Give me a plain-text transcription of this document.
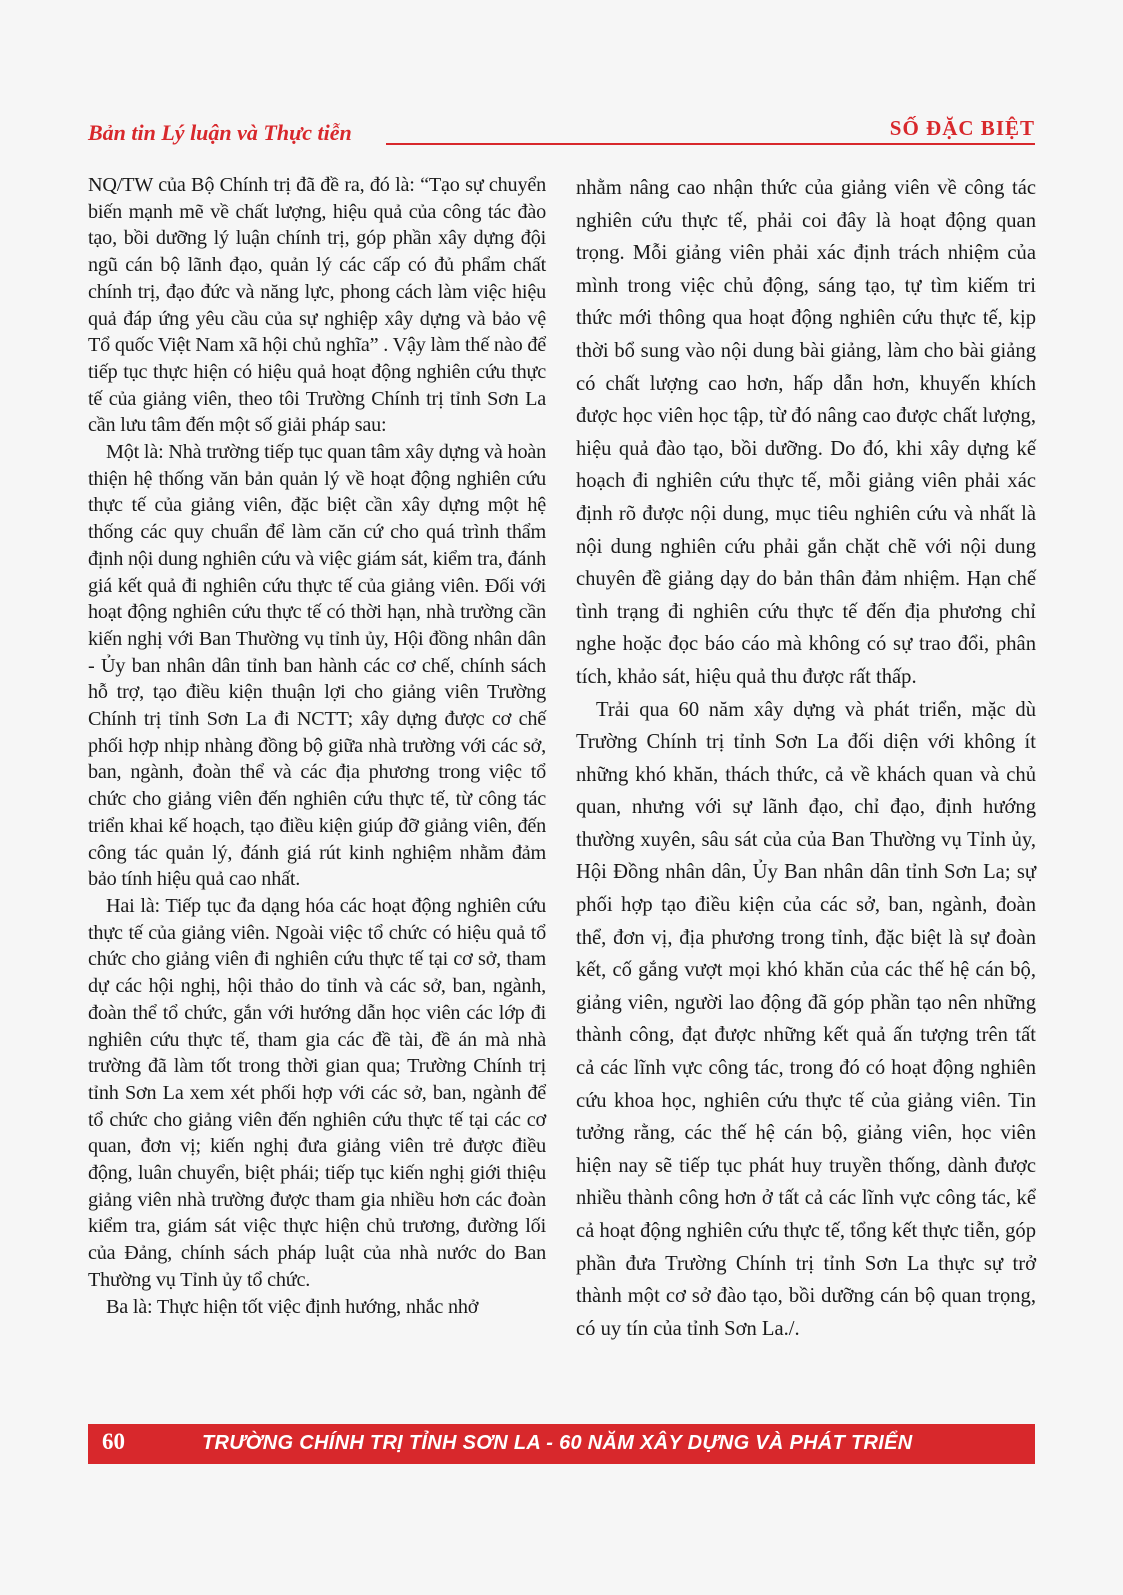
Bản tin Lý luận và Thực tiễn	SỐ ĐẶC BIỆT

NQ/TW của Bộ Chính trị đã đề ra, đó là: “Tạo sự chuyển biến mạnh mẽ về chất lượng, hiệu quả của công tác đào tạo, bồi dưỡng lý luận chính trị, góp phần xây dựng đội ngũ cán bộ lãnh đạo, quản lý các cấp có đủ phẩm chất chính trị, đạo đức và năng lực, phong cách làm việc hiệu quả đáp ứng yêu cầu của sự nghiệp xây dựng và bảo vệ Tổ quốc Việt Nam xã hội chủ nghĩa” . Vậy làm thế nào để tiếp tục thực hiện có hiệu quả hoạt động nghiên cứu thực tế của giảng viên, theo tôi Trường Chính trị tỉnh Sơn La cần lưu tâm đến một số giải pháp sau:

Một là: Nhà trường tiếp tục quan tâm xây dựng và hoàn thiện hệ thống văn bản quản lý về hoạt động nghiên cứu thực tế của giảng viên, đặc biệt cần xây dựng một hệ thống các quy chuẩn để làm căn cứ cho quá trình thẩm định nội dung nghiên cứu và việc giám sát, kiểm tra, đánh giá kết quả đi nghiên cứu thực tế của giảng viên. Đối với hoạt động nghiên cứu thực tế có thời hạn, nhà trường cần kiến nghị với Ban Thường vụ tỉnh ủy, Hội đồng nhân dân - Ủy ban nhân dân tỉnh ban hành các cơ chế, chính sách hỗ trợ, tạo điều kiện thuận lợi cho giảng viên Trường Chính trị tỉnh Sơn La đi NCTT; xây dựng được cơ chế phối hợp nhịp nhàng đồng bộ giữa nhà trường với các sở, ban, ngành, đoàn thể và các địa phương trong việc tổ chức cho giảng viên đến nghiên cứu thực tế, từ công tác triển khai kế hoạch, tạo điều kiện giúp đỡ giảng viên, đến công tác quản lý, đánh giá rút kinh nghiệm nhằm đảm bảo tính hiệu quả cao nhất.

Hai là: Tiếp tục đa dạng hóa các hoạt động nghiên cứu thực tế của giảng viên. Ngoài việc tổ chức có hiệu quả tổ chức cho giảng viên đi nghiên cứu thực tế tại cơ sở, tham dự các hội nghị, hội thảo do tỉnh và các sở, ban, ngành, đoàn thể tổ chức, gắn với hướng dẫn học viên các lớp đi nghiên cứu thực tế, tham gia các đề tài, đề án mà nhà trường đã làm tốt trong thời gian qua; Trường Chính trị tỉnh Sơn La xem xét phối hợp với các sở, ban, ngành để tổ chức cho giảng viên đến nghiên cứu thực tế tại các cơ quan, đơn vị; kiến nghị đưa giảng viên trẻ được điều động, luân chuyển, biệt phái; tiếp tục kiến nghị giới thiệu giảng viên nhà trường được tham gia nhiều hơn các đoàn kiểm tra, giám sát việc thực hiện chủ trương, đường lối của Đảng, chính sách pháp luật của nhà nước do Ban Thường vụ Tỉnh ủy tổ chức.

Ba là: Thực hiện tốt việc định hướng, nhắc nhở

nhằm nâng cao nhận thức của giảng viên về công tác nghiên cứu thực tế, phải coi đây là hoạt động quan trọng. Mỗi giảng viên phải xác định trách nhiệm của mình trong việc chủ động, sáng tạo, tự tìm kiếm tri thức mới thông qua hoạt động nghiên cứu thực tế, kịp thời bổ sung vào nội dung bài giảng, làm cho bài giảng có chất lượng cao hơn, hấp dẫn hơn, khuyến khích được học viên học tập, từ đó nâng cao được chất lượng, hiệu quả đào tạo, bồi dưỡng. Do đó, khi xây dựng kế hoạch đi nghiên cứu thực tế, mỗi giảng viên phải xác định rõ được nội dung, mục tiêu nghiên cứu và nhất là nội dung nghiên cứu phải gắn chặt chẽ với nội dung chuyên đề giảng dạy do bản thân đảm nhiệm. Hạn chế tình trạng đi nghiên cứu thực tế đến địa phương chỉ nghe hoặc đọc báo cáo mà không có sự trao đổi, phân tích, khảo sát, hiệu quả thu được rất thấp.

Trải qua 60 năm xây dựng và phát triển, mặc dù Trường Chính trị tỉnh Sơn La đối diện với không ít những khó khăn, thách thức, cả về khách quan và chủ quan, nhưng với sự lãnh đạo, chỉ đạo, định hướng thường xuyên, sâu sát của của Ban Thường vụ Tỉnh ủy, Hội Đồng nhân dân, Ủy Ban nhân dân tỉnh Sơn La; sự phối hợp tạo điều kiện của các sở, ban, ngành, đoàn thể, đơn vị, địa phương trong tỉnh, đặc biệt là sự đoàn kết, cố gắng vượt mọi khó khăn của các thế hệ cán bộ, giảng viên, người lao động đã góp phần tạo nên những thành công, đạt được những kết quả ấn tượng trên tất cả các lĩnh vực công tác, trong đó có hoạt động nghiên cứu khoa học, nghiên cứu thực tế của giảng viên. Tin tưởng rằng, các thế hệ cán bộ, giảng viên, học viên hiện nay sẽ tiếp tục phát huy truyền thống, dành được nhiều thành công hơn ở tất cả các lĩnh vực công tác, kể cả hoạt động nghiên cứu thực tế, tổng kết thực tiễn, góp phần đưa Trường Chính trị tỉnh Sơn La thực sự trở thành một cơ sở đào tạo, bồi dưỡng cán bộ quan trọng, có uy tín của tỉnh Sơn La./.

60	TRƯỜNG CHÍNH TRỊ TỈNH SƠN LA - 60 NĂM XÂY DỰNG VÀ PHÁT TRIỂN
